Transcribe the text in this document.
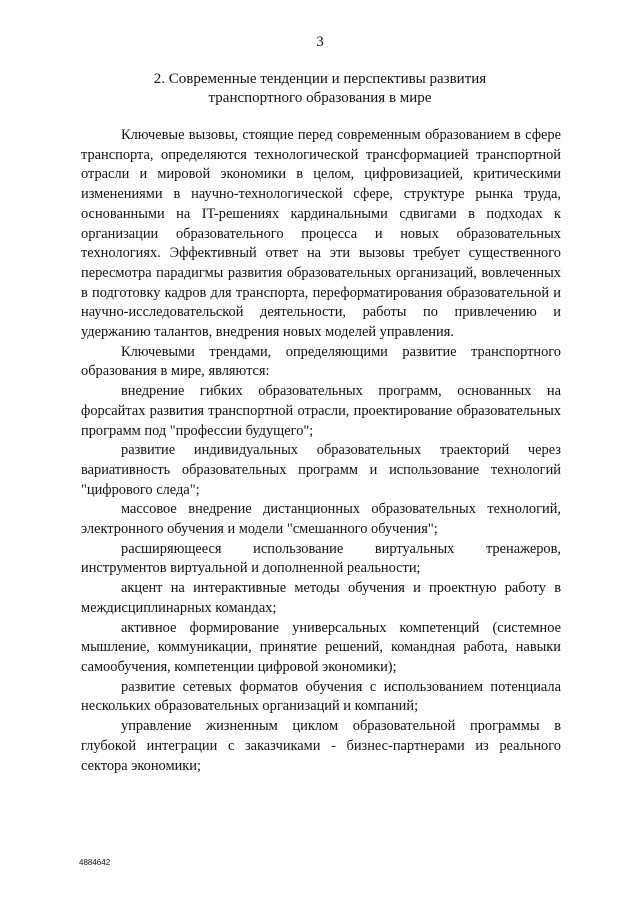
3
2. Современные тенденции и перспективы развития
транспортного образования в мире

Ключевые вызовы, стоящие перед современным образованием в сфере транспорта, определяются технологической трансформацией транспортной отрасли и мировой экономики в целом, цифровизацией, критическими изменениями в научно-технологической сфере, структуре рынка труда, основанными на IT-решениях кардинальными сдвигами в подходах к организации образовательного процесса и новых образовательных технологиях. Эффективный ответ на эти вызовы требует существенного пересмотра парадигмы развития образовательных организаций, вовлеченных в подготовку кадров для транспорта, переформатирования образовательной и научно-исследовательской деятельности, работы по привлечению и удержанию талантов, внедрения новых моделей управления.

Ключевыми трендами, определяющими развитие транспортного образования в мире, являются:

внедрение гибких образовательных программ, основанных на форсайтах развития транспортной отрасли, проектирование образовательных программ под "профессии будущего";

развитие индивидуальных образовательных траекторий через вариативность образовательных программ и использование технологий "цифрового следа";

массовое внедрение дистанционных образовательных технологий, электронного обучения и модели "смешанного обучения";

расширяющееся использование виртуальных тренажеров, инструментов виртуальной и дополненной реальности;

акцент на интерактивные методы обучения и проектную работу в междисциплинарных командах;

активное формирование универсальных компетенций (системное мышление, коммуникации, принятие решений, командная работа, навыки самообучения, компетенции цифровой экономики);

развитие сетевых форматов обучения с использованием потенциала нескольких образовательных организаций и компаний;

управление жизненным циклом образовательной программы в глубокой интеграции с заказчиками - бизнес-партнерами из реального сектора экономики;

4884642
